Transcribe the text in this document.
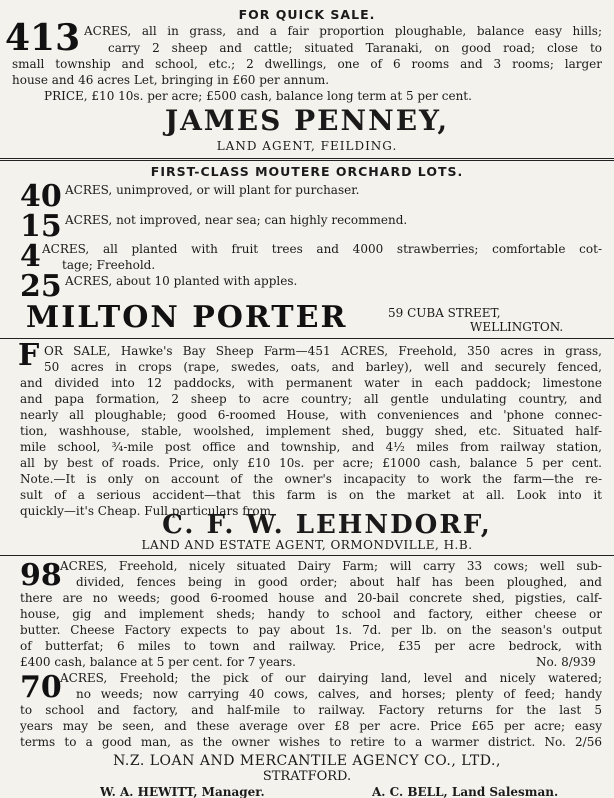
FOR QUICK SALE.
413 ACRES, all in grass, and a fair proportion ploughable, balance easy hills;
carry 2 sheep and cattle; situated Taranaki, on good road; close to
small township and school, etc.; 2 dwellings, one of 6 rooms and 3 rooms; larger
house and 46 acres Let, bringing in £60 per annum.
PRICE, £10 10s. per acre; £500 cash, balance long term at 5 per cent.
JAMES PENNEY,
LAND AGENT, FEILDING.
FIRST-CLASS MOUTERE ORCHARD LOTS.
40 ACRES, unimproved, or will plant for purchaser.
15 ACRES, not improved, near sea; can highly recommend.
4 ACRES, all planted with fruit trees and 4000 strawberries; comfortable cot-
tage; Freehold.
25 ACRES, about 10 planted with apples.
MILTON PORTER	59 CUBA STREET,
WELLINGTON.
F OR SALE, Hawke's Bay Sheep Farm—451 ACRES, Freehold, 350 acres in grass,
50 acres in crops (rape, swedes, oats, and barley), well and securely fenced,
and divided into 12 paddocks, with permanent water in each paddock; limestone
and papa formation, 2 sheep to acre country; all gentle undulating country, and
nearly all ploughable; good 6-roomed House, with conveniences and 'phone connec-
tion, washhouse, stable, woolshed, implement shed, buggy shed, etc. Situated half-
mile school, ¾-mile post office and township, and 4½ miles from railway station,
all by best of roads. Price, only £10 10s. per acre; £1000 cash, balance 5 per cent.
Note.—It is only on account of the owner's incapacity to work the farm—the re-
sult of a serious accident—that this farm is on the market at all. Look into it
quickly—it's Cheap. Full particulars from
C. F. W. LEHNDORF,
LAND AND ESTATE AGENT, ORMONDVILLE, H.B.
98
ACRES, Freehold, nicely situated Dairy Farm; will carry 33 cows; well sub-
divided, fences being in good order; about half has been ploughed, and
there are no weeds; good 6-roomed house and 20-bail concrete shed, pigsties, calf-
house, gig and implement sheds; handy to school and factory, either cheese or
butter. Cheese Factory expects to pay about 1s. 7d. per lb. on the season's output
of butterfat; 6 miles to town and railway. Price, £35 per acre bedrock, with
£400 cash, balance at 5 per cent. for 7 years.	No. 8/939
70
ACRES, Freehold; the pick of our dairying land, level and nicely watered;
no weeds; now carrying 40 cows, calves, and horses; plenty of feed; handy
to school and factory, and half-mile to railway. Factory returns for the last 5
years may be seen, and these average over £8 per acre. Price £65 per acre; easy
terms to a good man, as the owner wishes to retire to a warmer district. No. 2/56
N.Z. LOAN AND MERCANTILE AGENCY CO., LTD.,
STRATFORD.
W. A. HEWITT, Manager.	A. C. BELL, Land Salesman.
